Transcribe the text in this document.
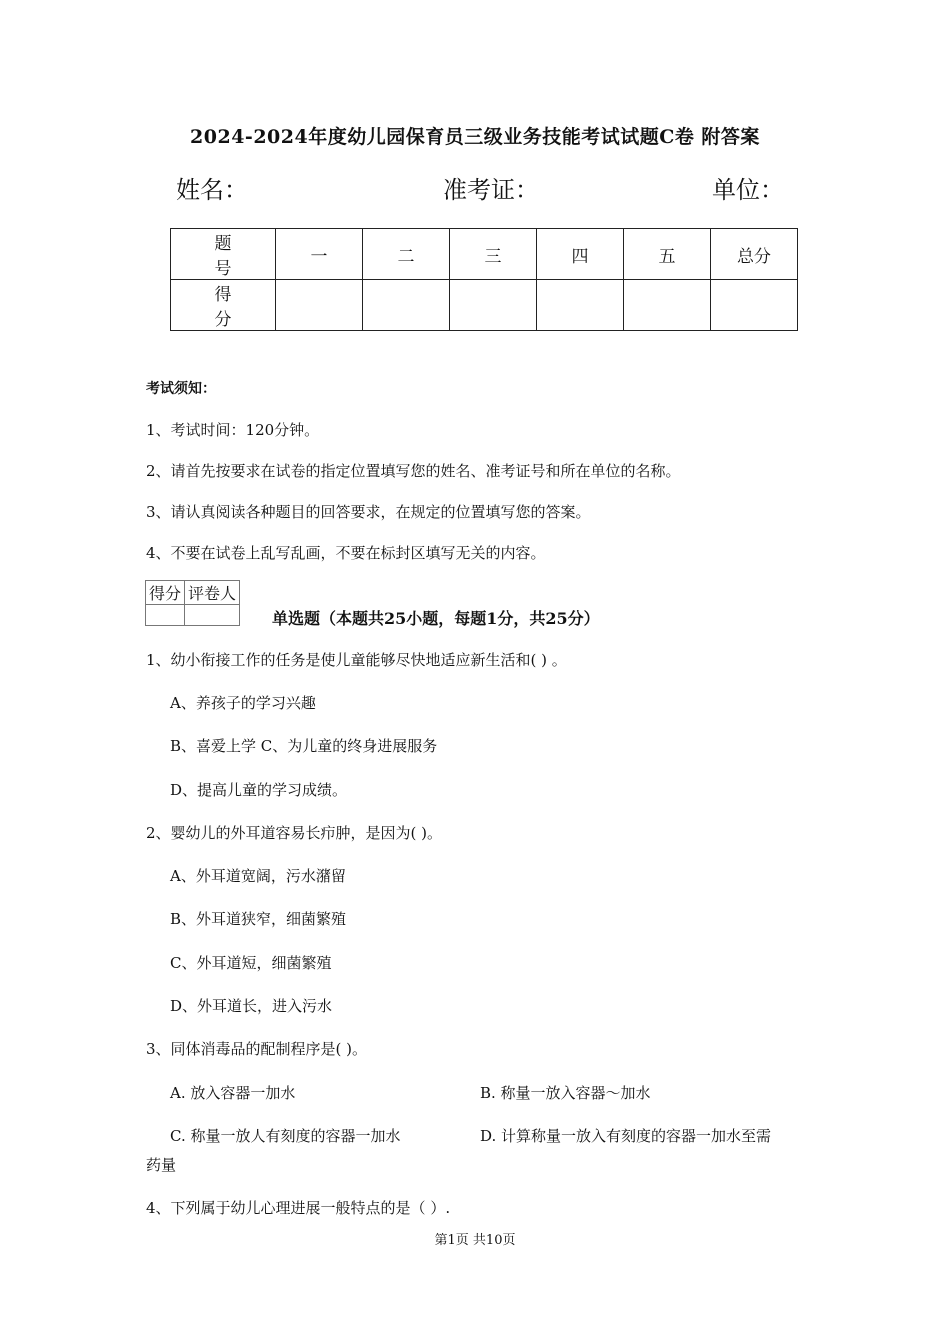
2024-2024年度幼儿园保育员三级业务技能考试试题C卷 附答案
姓名：	准考证：	单位：
题 号	一	二	三	四	五	总分
得 分						
考试须知：
1、考试时间：120分钟。
2、请首先按要求在试卷的指定位置填写您的姓名、准考证号和所在单位的名称。
3、请认真阅读各种题目的回答要求，在规定的位置填写您的答案。
4、不要在试卷上乱写乱画，不要在标封区填写无关的内容。
得分	评卷人

单选题（本题共25小题，每题1分，共25分）
1、幼小衔接工作的任务是使儿童能够尽快地适应新生活和( ) 。
A、养孩子的学习兴趣
B、喜爱上学 C、为儿童的终身进展服务
D、提高儿童的学习成绩。
2、婴幼儿的外耳道容易长疖肿，是因为( )。
A、外耳道宽阔，污水潴留
B、外耳道狭窄，细菌繁殖
C、外耳道短，细菌繁殖
D、外耳道长，进入污水
3、同体消毒品的配制程序是( )。
A. 放入容器一加水	B. 称量一放入容器～加水
C. 称量一放人有刻度的容器一加水	D. 计算称量一放入有刻度的容器一加水至需
药量
4、下列属于幼儿心理进展一般特点的是（ ）.
第1页 共10页
